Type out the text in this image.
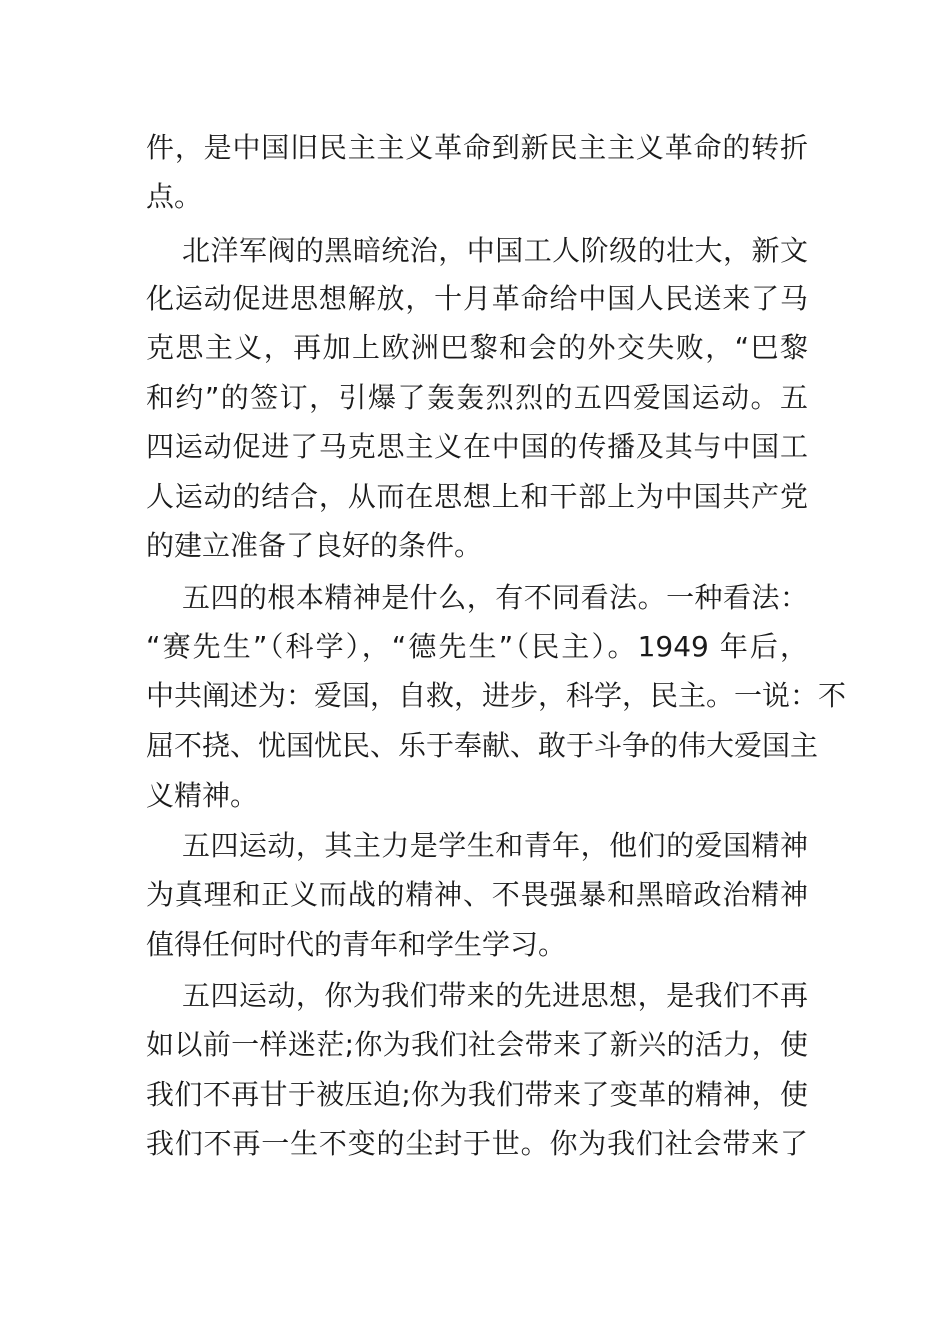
件，是中国旧民主主义革命到新民主主义革命的转折

点。

北洋军阀的黑暗统治，中国工人阶级的壮大，新文

化运动促进思想解放，十月革命给中国人民送来了马

克思主义，再加上欧洲巴黎和会的外交失败，“巴黎

和约”的签订，引爆了轰轰烈烈的五四爱国运动。五

四运动促进了马克思主义在中国的传播及其与中国工

人运动的结合，从而在思想上和干部上为中国共产党

的建立准备了良好的条件。

五四的根本精神是什么，有不同看法。一种看法：

“赛先生”（科学），“德先生”（民主）。1949 年后，

中共阐述为：爱国，自救，进步，科学，民主。一说：不

屈不挠、忧国忧民、乐于奉献、敢于斗争的伟大爱国主

义精神。

五四运动，其主力是学生和青年，他们的爱国精神

为真理和正义而战的精神、不畏强暴和黑暗政治精神

值得任何时代的青年和学生学习。

五四运动，你为我们带来的先进思想，是我们不再

如以前一样迷茫;你为我们社会带来了新兴的活力，使

我们不再甘于被压迫;你为我们带来了变革的精神，使

我们不再一生不变的尘封于世。你为我们社会带来了
